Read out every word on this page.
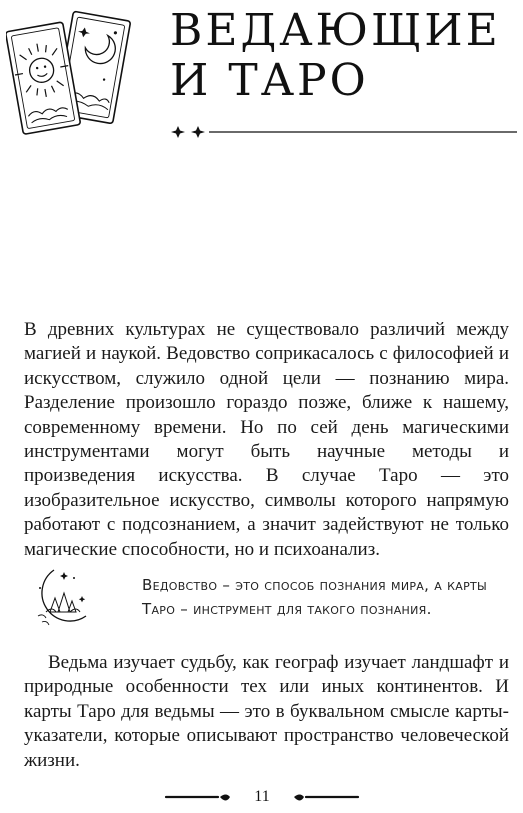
ВЕДАЮЩИЕ
И ТАРО

В древних культурах не существовало различий между магией и наукой. Ведовство соприкасалось с философией и искусством, служило одной цели — познанию мира. Разделение произошло гораздо позже, ближе к нашему, современному времени. Но по сей день магическими инструментами могут быть научные методы и произведения искусства. В случае Таро — это изобразительное искусство, символы которого напрямую работают с подсознанием, а значит задействуют не только магические способности, но и психоанализ.

Ведовство – это способ познания мира, а карты Таро – инструмент для такого познания.

Ведьма изучает судьбу, как географ изучает ландшафт и природные особенности тех или иных континентов. И карты Таро для ведьмы — это в буквальном смысле карты-указатели, которые описывают пространство человеческой жизни.

11
